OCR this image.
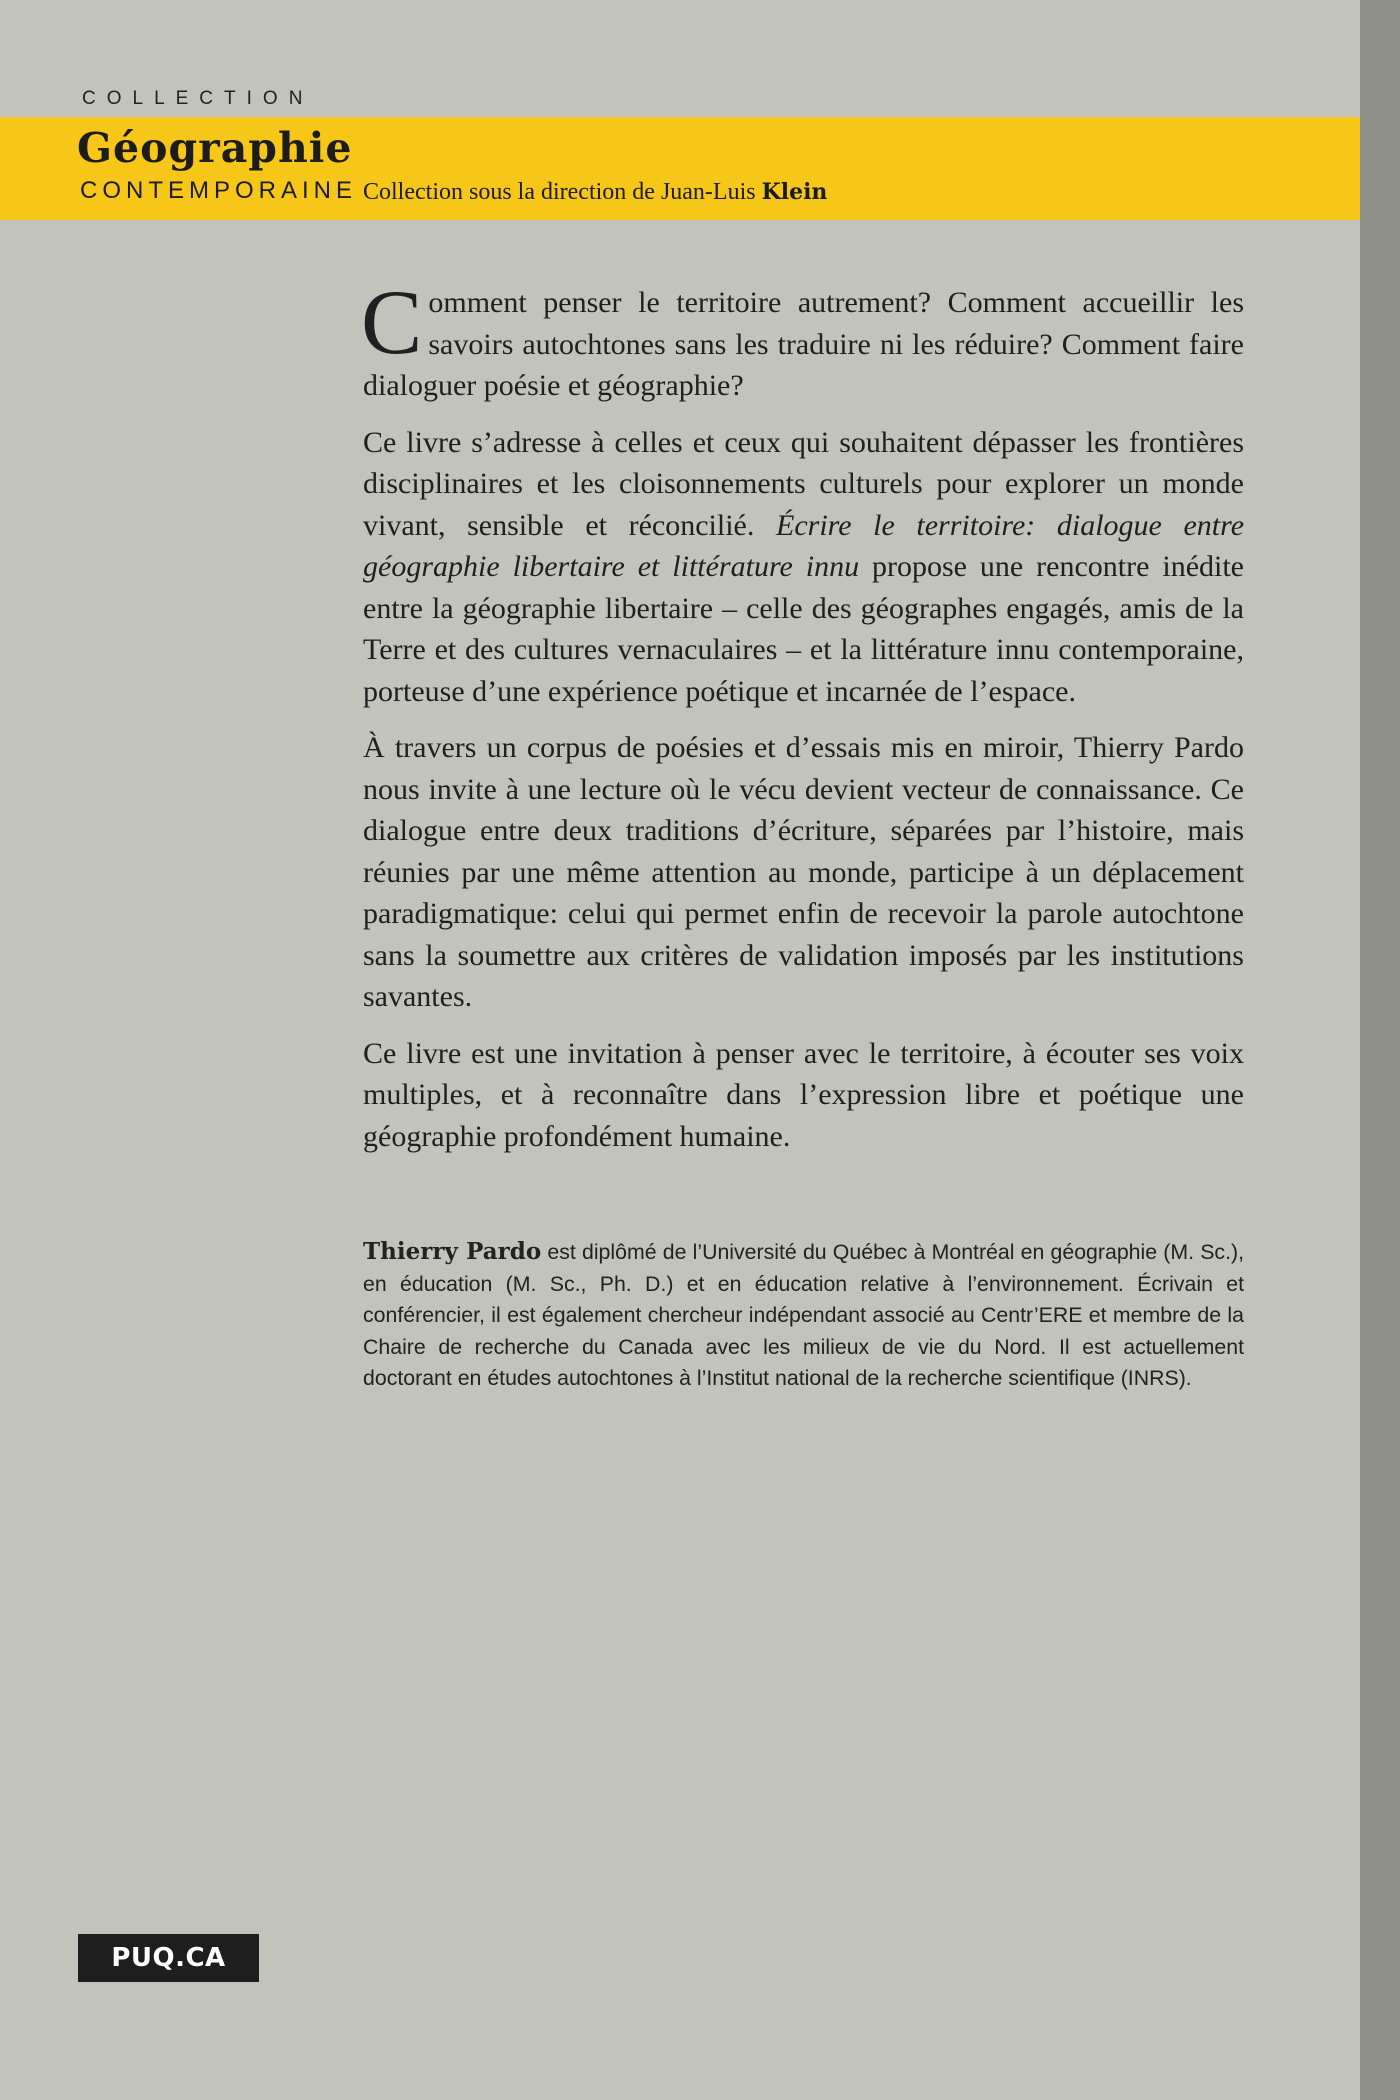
COLLECTION
Géographie
CONTEMPORAINE Collection sous la direction de Juan-Luis Klein

Comment penser le territoire autrement? Comment accueillir les savoirs autochtones sans les traduire ni les réduire? Comment faire dialoguer poésie et géographie?

Ce livre s’adresse à celles et ceux qui souhaitent dépasser les frontières disciplinaires et les cloisonnements culturels pour explorer un monde vivant, sensible et réconcilié. Écrire le territoire: dialogue entre géographie libertaire et littérature innu propose une rencontre inédite entre la géographie libertaire – celle des géographes engagés, amis de la Terre et des cultures vernaculaires – et la littérature innu contemporaine, porteuse d’une expérience poétique et incarnée de l’espace.

À travers un corpus de poésies et d’essais mis en miroir, Thierry Pardo nous invite à une lecture où le vécu devient vecteur de connaissance. Ce dialogue entre deux traditions d’écriture, séparées par l’histoire, mais réunies par une même attention au monde, participe à un déplacement paradigmatique: celui qui permet enfin de recevoir la parole autochtone sans la soumettre aux critères de validation imposés par les institutions savantes.

Ce livre est une invitation à penser avec le territoire, à écouter ses voix multiples, et à reconnaître dans l’expression libre et poétique une géographie profondément humaine.

Thierry Pardo est diplômé de l’Université du Québec à Montréal en géographie (M. Sc.), en éducation (M. Sc., Ph. D.) et en éducation relative à l’environnement. Écrivain et conférencier, il est également chercheur indépendant associé au Centr’ERE et membre de la Chaire de recherche du Canada avec les milieux de vie du Nord. Il est actuellement doctorant en études autochtones à l’Institut national de la recherche scientifique (INRS).
PUQ.CA
